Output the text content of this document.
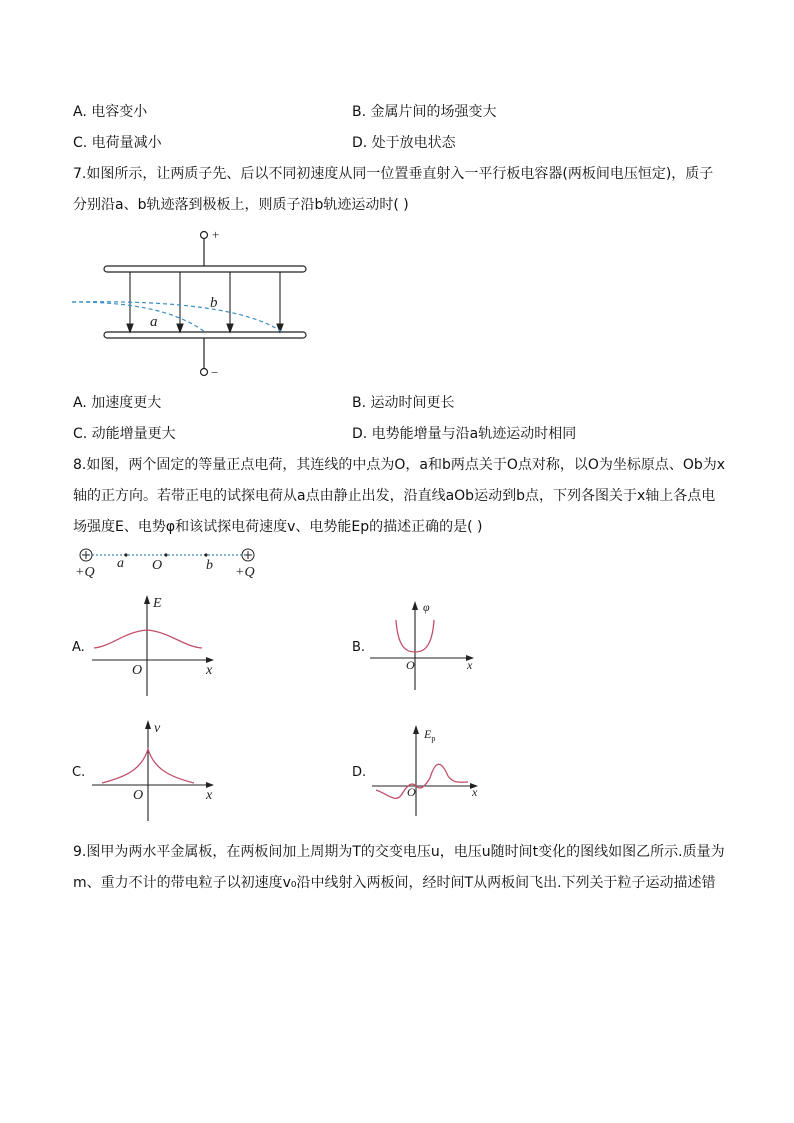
A. 电容变小	B. 金属片间的场强变大
C. 电荷量减小	D. 处于放电状态
7.如图所示，让两质子先、后以不同初速度从同一位置垂直射入一平行板电容器(两板间电压恒定)，质子
分别沿a、b轨迹落到极板上，则质子沿b轨迹运动时( )
+
−
b
a
A. 加速度更大	B. 运动时间更长
C. 动能增量更大	D. 电势能增量与沿a轨迹运动时相同
8.如图，两个固定的等量正点电荷，其连线的中点为O，a和b两点关于O点对称，以O为坐标原点、Ob为x
轴的正方向。若带正电的试探电荷从a点由静止出发，沿直线aOb运动到b点，下列各图关于x轴上各点电
场强度E、电势φ和该试探电荷速度v、电势能Ep的描述正确的是( )
+Q	+Q
a O	b
A.
E
x
O
B.
φ
x
O
C.
v
x
O
D.
$E_p$
x
O
9.图甲为两水平金属板，在两板间加上周期为T的交变电压u，电压u随时间t变化的图线如图乙所示.质量为
m、重力不计的带电粒子以初速度v₀沿中线射入两板间，经时间T从两板间飞出.下列关于粒子运动描述错
